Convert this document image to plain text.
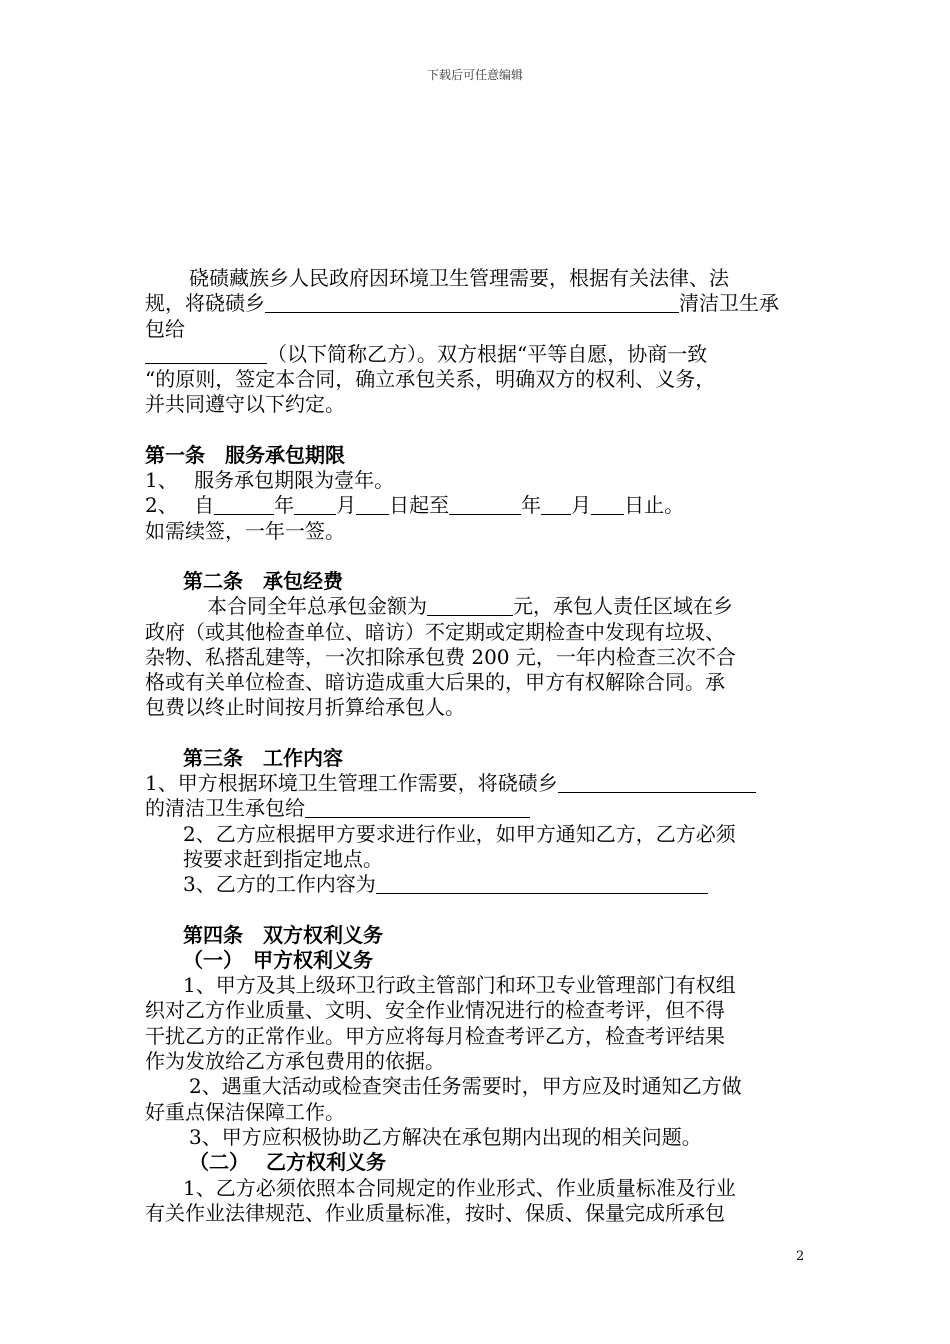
下载后可任意编辑
硗碛藏族乡人民政府因环境卫生管理需要，根据有关法律、法
规，将硗碛乡	清洁卫生承
包给
（以下简称乙方）。双方根据“平等自愿，协商一致
“的原则，签定本合同，确立承包关系，明确双方的权利、义务，
并共同遵守以下约定。
第一条　服务承包期限
1、　 服务承包期限为壹年。
2、　 自	年 月 日起至	年 月 日止。
如需续签，一年一签。
第二条　承包经费
本合同全年总承包金额为	元，承包人责任区域在乡
政府（或其他检查单位、暗访）不定期或定期检查中发现有垃圾、
杂物、私搭乱建等，一次扣除承包费 200 元，一年内检查三次不合
格或有关单位检查、暗访造成重大后果的，甲方有权解除合同。承
包费以终止时间按月折算给承包人。
第三条　工作内容
1、甲方根据环境卫生管理工作需要，将硗碛乡
的清洁卫生承包给
2、乙方应根据甲方要求进行作业，如甲方通知乙方，乙方必须
按要求赶到指定地点。
3、乙方的工作内容为
第四条　双方权利义务
（一）　甲方权利义务
1、甲方及其上级环卫行政主管部门和环卫专业管理部门有权组
织对乙方作业质量、文明、安全作业情况进行的检查考评，但不得
干扰乙方的正常作业。甲方应将每月检查考评乙方，检查考评结果
作为发放给乙方承包费用的依据。
2、遇重大活动或检查突击任务需要时，甲方应及时通知乙方做
好重点保洁保障工作。
3、甲方应积极协助乙方解决在承包期内出现的相关问题。
（二）　 乙方权利义务
1、乙方必须依照本合同规定的作业形式、作业质量标准及行业
有关作业法律规范、作业质量标准，按时、保质、保量完成所承包
2
